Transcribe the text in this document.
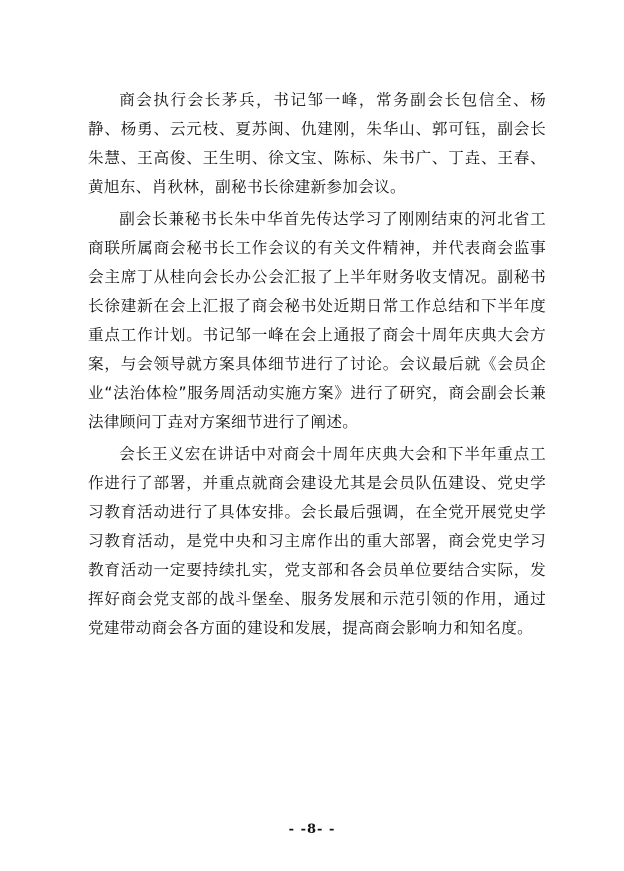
商会执行会长茅兵，书记邹一峰，常务副会长包信全、杨静、杨勇、云元枝、夏苏闽、仇建刚，朱华山、郭可钰，副会长朱慧、王高俊、王生明、徐文宝、陈标、朱书广、丁垚、王春、黄旭东、肖秋林，副秘书长徐建新参加会议。

副会长兼秘书长朱中华首先传达学习了刚刚结束的河北省工商联所属商会秘书长工作会议的有关文件精神，并代表商会监事会主席丁从桂向会长办公会汇报了上半年财务收支情况。副秘书长徐建新在会上汇报了商会秘书处近期日常工作总结和下半年度重点工作计划。书记邹一峰在会上通报了商会十周年庆典大会方案，与会领导就方案具体细节进行了讨论。会议最后就《会员企业“法治体检”服务周活动实施方案》进行了研究，商会副会长兼法律顾问丁垚对方案细节进行了阐述。

会长王义宏在讲话中对商会十周年庆典大会和下半年重点工作进行了部署，并重点就商会建设尤其是会员队伍建设、党史学习教育活动进行了具体安排。会长最后强调，在全党开展党史学习教育活动，是党中央和习主席作出的重大部署，商会党史学习教育活动一定要持续扎实，党支部和各会员单位要结合实际，发挥好商会党支部的战斗堡垒、服务发展和示范引领的作用，通过党建带动商会各方面的建设和发展，提高商会影响力和知名度。

- -8- -
